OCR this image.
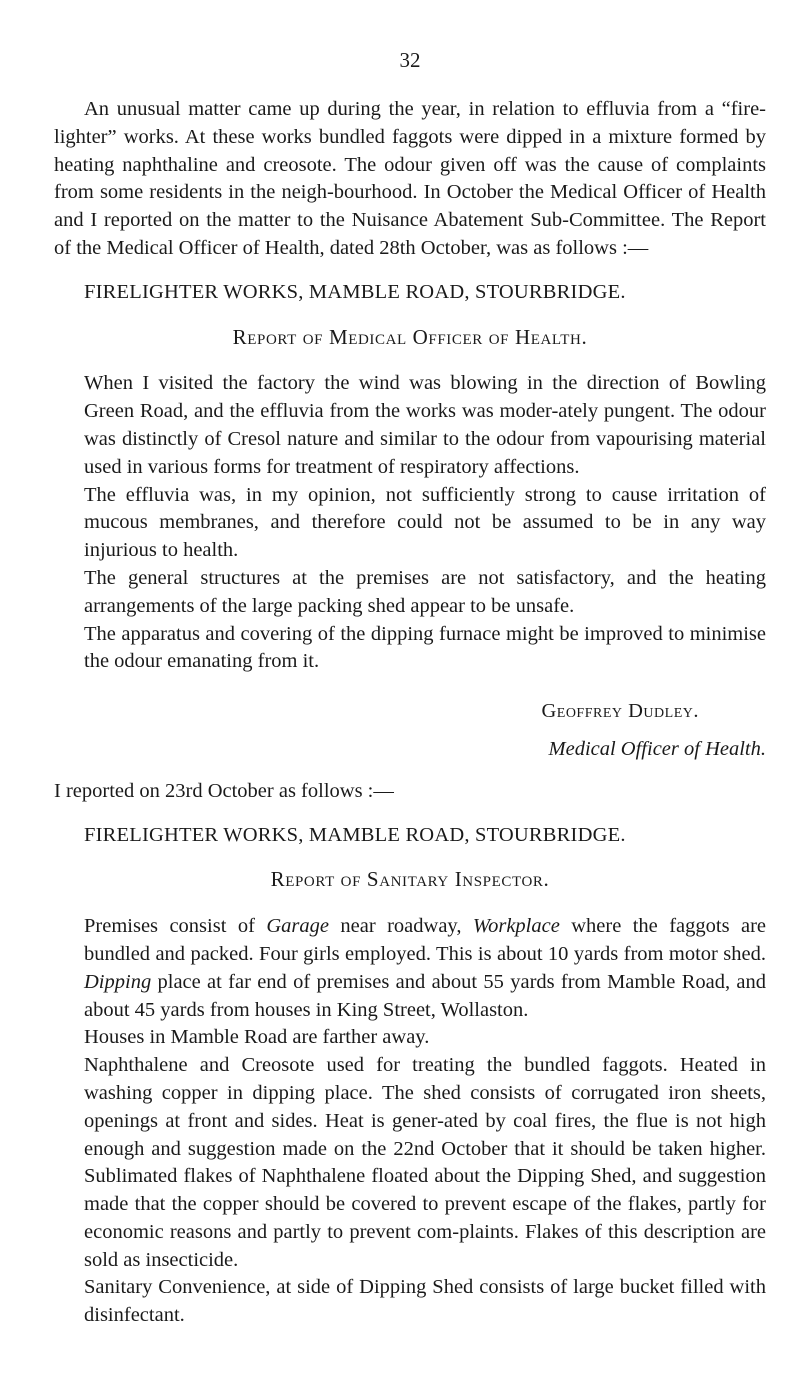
32

An unusual matter came up during the year, in relation to effluvia from a “fire-lighter” works. At these works bundled faggots were dipped in a mixture formed by heating naphthaline and creosote. The odour given off was the cause of complaints from some residents in the neigh-bourhood. In October the Medical Officer of Health and I reported on the matter to the Nuisance Abatement Sub-Committee. The Report of the Medical Officer of Health, dated 28th October, was as follows :—

FIRELIGHTER WORKS, MAMBLE ROAD, STOURBRIDGE.
Report of Medical Officer of Health.

When I visited the factory the wind was blowing in the direction of Bowling Green Road, and the effluvia from the works was moder-ately pungent. The odour was distinctly of Cresol nature and similar to the odour from vapourising material used in various forms for treatment of respiratory affections.

The effluvia was, in my opinion, not sufficiently strong to cause irritation of mucous membranes, and therefore could not be assumed to be in any way injurious to health.

The general structures at the premises are not satisfactory, and the heating arrangements of the large packing shed appear to be unsafe.

The apparatus and covering of the dipping furnace might be improved to minimise the odour emanating from it.

Geoffrey Dudley.
Medical Officer of Health.

I reported on 23rd October as follows :—

FIRELIGHTER WORKS, MAMBLE ROAD, STOURBRIDGE.
Report of Sanitary Inspector.

Premises consist of Garage near roadway, Workplace where the faggots are bundled and packed. Four girls employed. This is about 10 yards from motor shed. Dipping place at far end of premises and about 55 yards from Mamble Road, and about 45 yards from houses in King Street, Wollaston.

Houses in Mamble Road are farther away.

Naphthalene and Creosote used for treating the bundled faggots. Heated in washing copper in dipping place. The shed consists of corrugated iron sheets, openings at front and sides. Heat is gener-ated by coal fires, the flue is not high enough and suggestion made on the 22nd October that it should be taken higher. Sublimated flakes of Naphthalene floated about the Dipping Shed, and suggestion made that the copper should be covered to prevent escape of the flakes, partly for economic reasons and partly to prevent com-plaints. Flakes of this description are sold as insecticide.

Sanitary Convenience, at side of Dipping Shed consists of large bucket filled with disinfectant.
